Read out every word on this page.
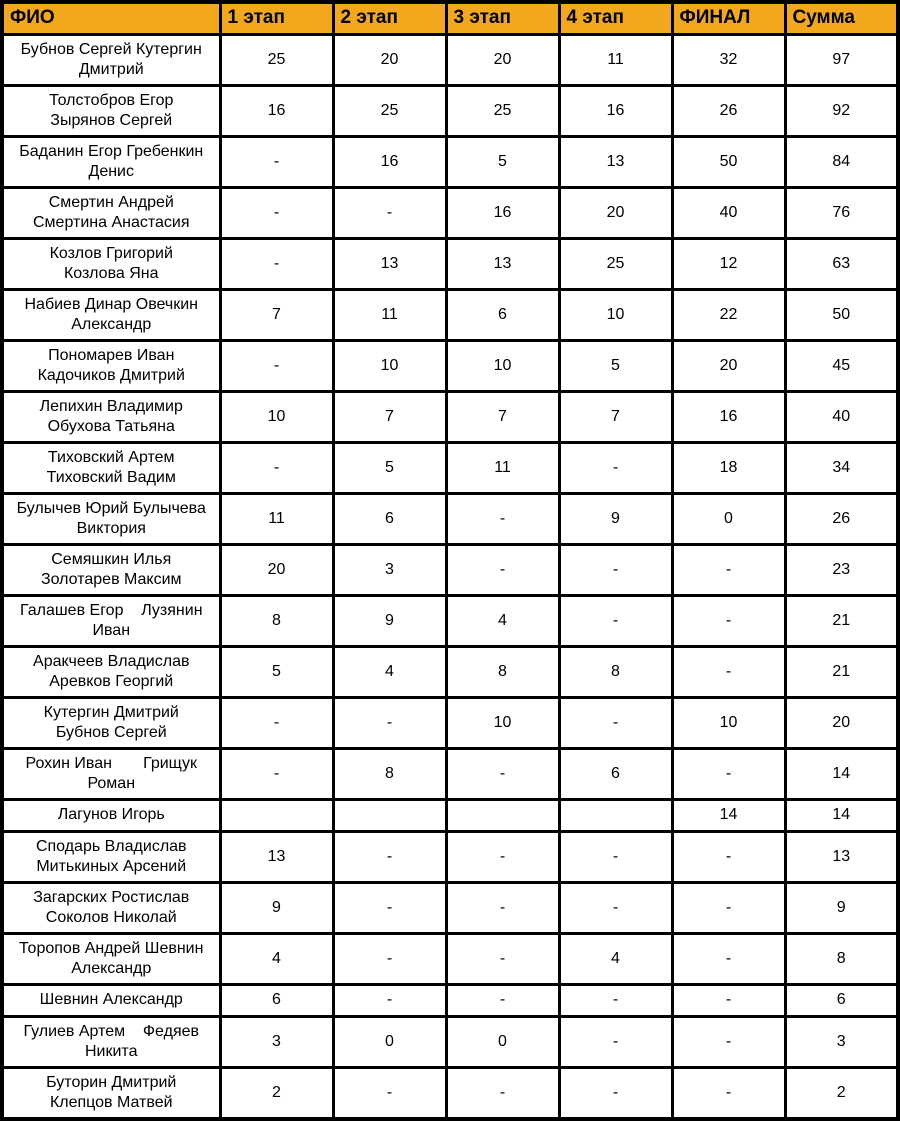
ФИО	1 этап	2 этап	3 этап	4 этап	ФИНАЛ	Сумма
Бубнов Сергей Кутергин
Дмитрий	25	20	20	11	32	97
Толстобров Егор
Зырянов Сергей	16	25	25	16	26	92
Баданин Егор Гребенкин
Денис	-	16	5	13	50	84
Смертин Андрей
Смертина Анастасия	-	-	16	20	40	76
Козлов Григорий
Козлова Яна	-	13	13	25	12	63
Набиев Динар Овечкин
Александр	7	11	6	10	22	50
Пономарев Иван
Кадочиков Дмитрий	-	10	10	5	20	45
Лепихин Владимир
Обухова Татьяна	10	7	7	7	16	40
Тиховский Артем
Тиховский Вадим	-	5	11	-	18	34
Булычев Юрий Булычева
Виктория	11	6	-	9	0	26
Семяшкин Илья
Золотарев Максим	20	3	-	-	-	23
Галашев Егор    Лузянин
Иван	8	9	4	-	-	21
Аракчеев Владислав
Аревков Георгий	5	4	8	8	-	21
Кутергин Дмитрий
Бубнов Сергей	-	-	10	-	10	20
Рохин Иван       Грищук
Роман	-	8	-	6	-	14
Лагунов Игорь					14	14
Сподарь Владислав
Митькиных Арсений	13	-	-	-	-	13
Загарских Ростислав
Соколов Николай	9	-	-	-	-	9
Торопов Андрей Шевнин
Александр	4	-	-	4	-	8
Шевнин Александр	6	-	-	-	-	6
Гулиев Артем    Федяев
Никита	3	0	0	-	-	3
Буторин Дмитрий
Клепцов Матвей	2	-	-	-	-	2
